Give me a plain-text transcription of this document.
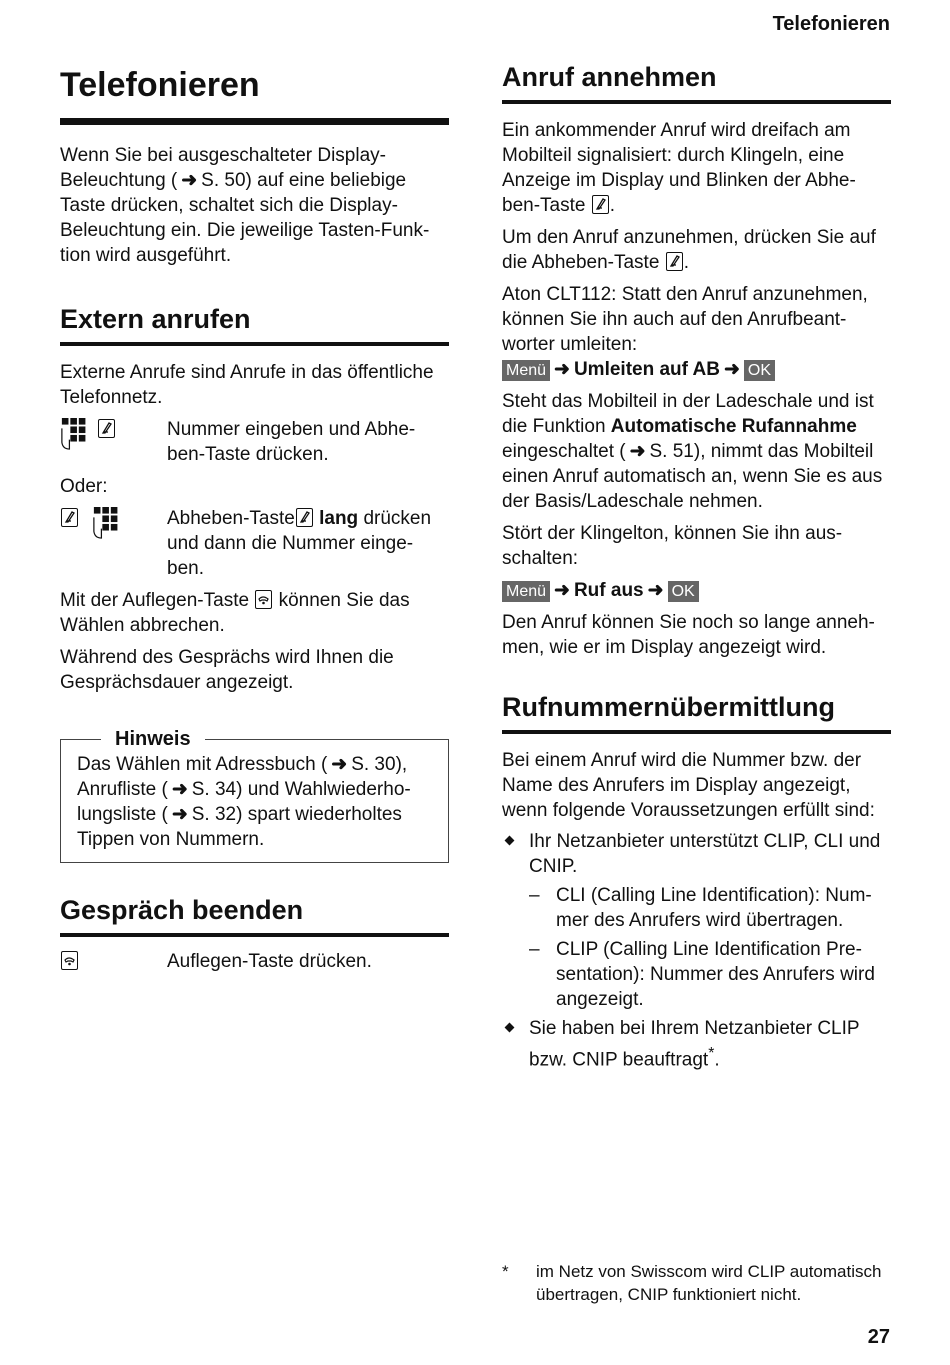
Telefonieren
Telefonieren

Wenn Sie bei ausgeschalteter Display- Beleuchtung ( ➜ S. 50) auf eine beliebige Taste drücken, schaltet sich die Display-Beleuchtung ein. Die jeweilige Tasten-Funk-tion wird ausgeführt.

Extern anrufen

Externe Anrufe sind Anrufe in das öffentliche Telefonnetz.

Nummer eingeben und Abhe-ben-Taste drücken.

Oder:

Abheben-Taste lang drücken und dann die Nummer einge-ben.

Mit der Auflegen-Taste
können Sie das Wählen abbrechen.

Während des Gesprächs wird Ihnen die Gesprächsdauer angezeigt.

Hinweis

Das Wählen mit Adressbuch ( ➜ S. 30), Anrufliste ( ➜ S. 34) und Wahlwiederho-lungsliste ( ➜ S. 32) spart wiederholtes Tippen von Nummern.

Gespräch beenden
Auflegen-Taste drücken.
Anruf annehmen

Ein ankommender Anruf wird dreifach am Mobilteil signalisiert: durch Klingeln, eine Anzeige im Display und Blinken der Abhe-ben-Taste .

Um den Anruf anzunehmen, drücken Sie auf die Abheben-Taste .

Aton CLT112: Statt den Anruf anzunehmen, können Sie ihn auch auf den Anrufbeant-worter umleiten:

Menü ➜ Umleiten auf AB ➜ OK

Steht das Mobilteil in der Ladeschale und ist die Funktion Automatische Rufannahme eingeschaltet ( ➜ S. 51), nimmt das Mobilteil einen Anruf automatisch an, wenn Sie es aus der Basis/Ladeschale nehmen.

Stört der Klingelton, können Sie ihn aus-schalten:

Menü ➜ Ruf aus ➜ OK

Den Anruf können Sie noch so lange anneh-men, wie er im Display angezeigt wird.

Rufnummernübermittlung

Bei einem Anruf wird die Nummer bzw. der Name des Anrufers im Display angezeigt, wenn folgende Voraussetzungen erfüllt sind:

Ihr Netzanbieter unterstützt CLIP, CLI und CNIP.
– CLI (Calling Line Identification): Num-mer des Anrufers wird übertragen.
– CLIP (Calling Line Identification Pre-sentation): Nummer des Anrufers wird angezeigt.
Sie haben bei Ihrem Netzanbieter CLIP bzw. CNIP beauftragt*.
*	im Netz von Swisscom wird CLIP automatisch übertragen, CNIP funktioniert nicht.
27
